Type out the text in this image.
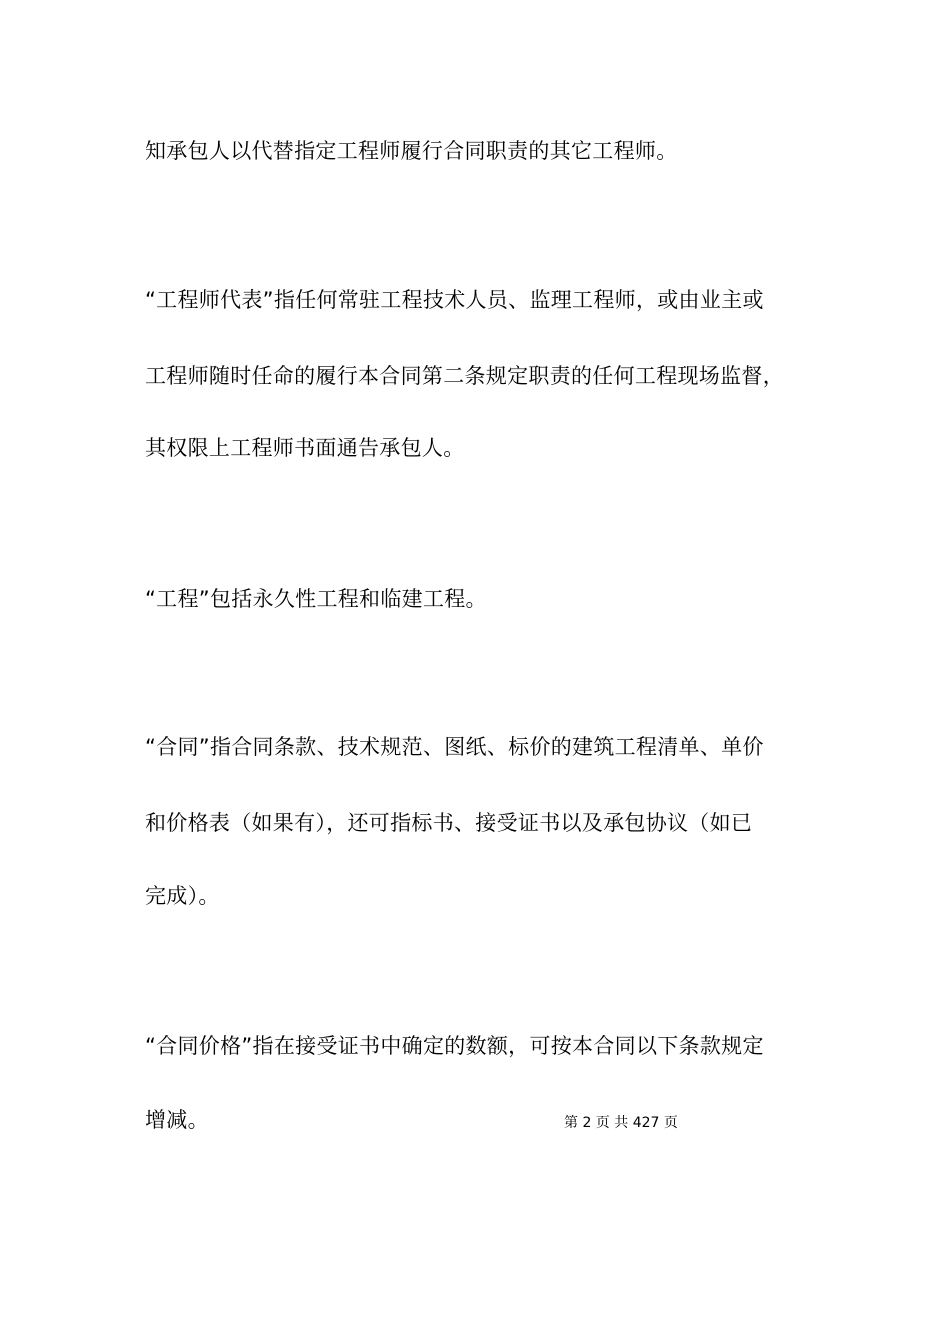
知承包人以代替指定工程师履行合同职责的其它工程师。
“工程师代表”指任何常驻工程技术人员、监理工程师，或由业主或
工程师随时任命的履行本合同第二条规定职责的任何工程现场监督，
其权限上工程师书面通告承包人。
“工程”包括永久性工程和临建工程。
“合同”指合同条款、技术规范、图纸、标价的建筑工程清单、单价
和价格表（如果有），还可指标书、接受证书以及承包协议（如已
完成）。
“合同价格”指在接受证书中确定的数额，可按本合同以下条款规定
增减。	第 2 页 共 427 页
